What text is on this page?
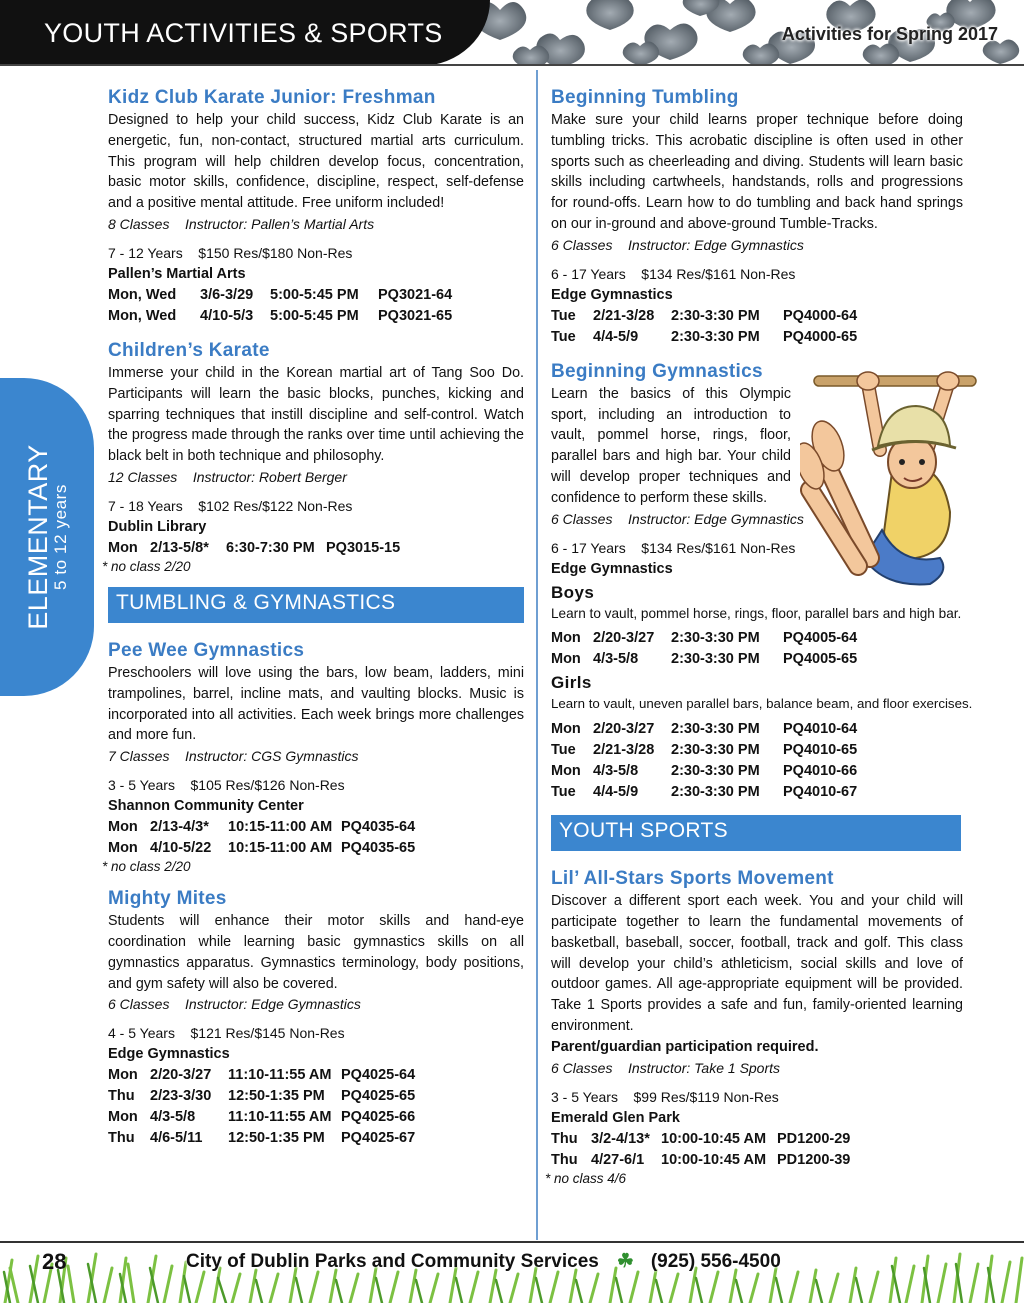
YOUTH ACTIVITIES & SPORTS	Activities for Spring 2017
ELEMENTARY
5 to 12 years
Kidz Club Karate Junior: Freshman
Designed to help your child success, Kidz Club Karate is an energetic, fun, non-contact, structured martial arts curriculum. This program will help children develop focus, concentration, basic motor skills, confidence, discipline, respect, self-defense and a positive mental attitude. Free uniform included!
8 Classes    Instructor: Pallen’s Martial Arts
7 - 12 Years    $150 Res/$180 Non-Res
Pallen’s Martial Arts
Mon, Wed 3/6-3/29 5:00-5:45 PM PQ3021-64
Mon, Wed 4/10-5/3 5:00-5:45 PM PQ3021-65
Children’s Karate
Immerse your child in the Korean martial art of Tang Soo Do. Participants will learn the basic blocks, punches, kicking and sparring techniques that instill discipline and self-control. Watch the progress made through the ranks over time until achieving the black belt in both technique and philosophy.
12 Classes    Instructor: Robert Berger
7 - 18 Years    $102 Res/$122 Non-Res
Dublin Library
Mon 2/13-5/8* 6:30-7:30 PM PQ3015-15
* no class 2/20
TUMBLING & GYMNASTICS
Pee Wee Gymnastics
Preschoolers will love using the bars, low beam, ladders, mini trampolines, barrel, incline mats, and vaulting blocks. Music is incorporated into all activities. Each week brings more challenges and more fun.
7 Classes    Instructor: CGS Gymnastics
3 - 5 Years    $105 Res/$126 Non-Res
Shannon Community Center
Mon 2/13-4/3* 10:15-11:00 AM PQ4035-64
Mon 4/10-5/22 10:15-11:00 AM PQ4035-65
* no class 2/20
Mighty Mites
Students will enhance their motor skills and hand-eye coordination while learning basic gymnastics skills on all gymnastics apparatus. Gymnastics terminology, body positions, and gym safety will also be covered.
6 Classes    Instructor: Edge Gymnastics
4 - 5 Years    $121 Res/$145 Non-Res
Edge Gymnastics
Mon 2/20-3/27 11:10-11:55 AM PQ4025-64
Thu 2/23-3/30 12:50-1:35 PM PQ4025-65
Mon 4/3-5/8 11:10-11:55 AM PQ4025-66
Thu 4/6-5/11 12:50-1:35 PM PQ4025-67
Beginning Tumbling
Make sure your child learns proper technique before doing tumbling tricks. This acrobatic discipline is often used in other sports such as cheerleading and diving. Students will learn basic skills including cartwheels, handstands, rolls and progressions for round-offs. Learn how to do tumbling and back hand springs on our in-ground and above-ground Tumble-Tracks.
6 Classes    Instructor: Edge Gymnastics
6 - 17 Years    $134 Res/$161 Non-Res
Edge Gymnastics
Tue 2/21-3/28 2:30-3:30 PM PQ4000-64
Tue 4/4-5/9 2:30-3:30 PM PQ4000-65
Beginning Gymnastics
Learn the basics of this Olympic sport, including an introduction to vault, pommel horse, rings, floor, parallel bars and high bar. Your child will develop proper techniques and confidence to perform these skills.
6 Classes    Instructor: Edge Gymnastics
6 - 17 Years    $134 Res/$161 Non-Res
Edge Gymnastics
Boys
Learn to vault, pommel horse, rings, floor, parallel bars and high bar.
Mon 2/20-3/27 2:30-3:30 PM PQ4005-64
Mon 4/3-5/8 2:30-3:30 PM PQ4005-65
Girls
Learn to vault, uneven parallel bars, balance beam, and floor exercises.
Mon 2/20-3/27 2:30-3:30 PM PQ4010-64
Tue 2/21-3/28 2:30-3:30 PM PQ4010-65
Mon 4/3-5/8 2:30-3:30 PM PQ4010-66
Tue 4/4-5/9 2:30-3:30 PM PQ4010-67
YOUTH SPORTS
Lil’ All-Stars Sports Movement
Discover a different sport each week. You and your child will participate together to learn the fundamental movements of basketball, baseball, soccer, football, track and golf. This class will develop your child’s athleticism, social skills and love of outdoor games. All age-appropriate equipment will be provided. Take 1 Sports provides a safe and fun, family-oriented learning environment.
Parent/guardian participation required.
6 Classes    Instructor: Take 1 Sports
3 - 5 Years    $99 Res/$119 Non-Res
Emerald Glen Park
Thu 3/2-4/13* 10:00-10:45 AM PD1200-29
Thu 4/27-6/1 10:00-10:45 AM PD1200-39
* no class 4/6
28	City of Dublin Parks and Community Services ☘ (925) 556-4500
